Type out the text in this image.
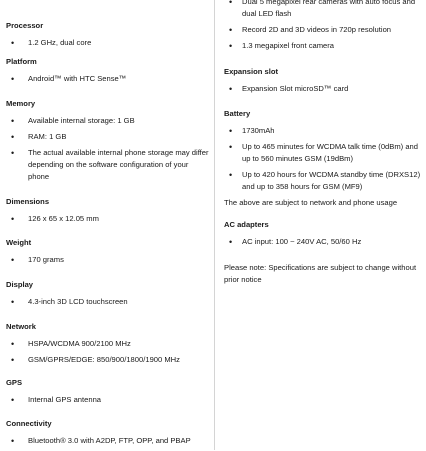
Processor
• 1.2 GHz, dual core
Platform
• Android™ with HTC Sense™
Memory
• Available internal storage: 1 GB
• RAM: 1 GB
• The actual available internal phone storage may differ depending on the software configuration of your phone
Dimensions
• 126 x 65 x 12.05 mm
Weight
• 170 grams
Display
• 4.3-inch 3D LCD touchscreen
Network
• HSPA/WCDMA 900/2100 MHz
• GSM/GPRS/EDGE: 850/900/1800/1900 MHz
GPS
• Internal GPS antenna
Connectivity
• Bluetooth® 3.0 with A2DP, FTP, OPP, and PBAP
• Dual 5 megapixel rear cameras with auto focus and dual LED flash
• Record 2D and 3D videos in 720p resolution
• 1.3 megapixel front camera
Expansion slot
• Expansion Slot microSD™ card
Battery
• 1730mAh
• Up to 465 minutes for WCDMA talk time (0dBm) and up to 560 minutes GSM (19dBm)
• Up to 420 hours for WCDMA standby time (DRXS12) and up to 358 hours for GSM (MF9)

The above are subject to network and phone usage

AC adapters
• AC input: 100 ~ 240V AC, 50/60 Hz

Please note: Specifications are subject to change without prior notice
